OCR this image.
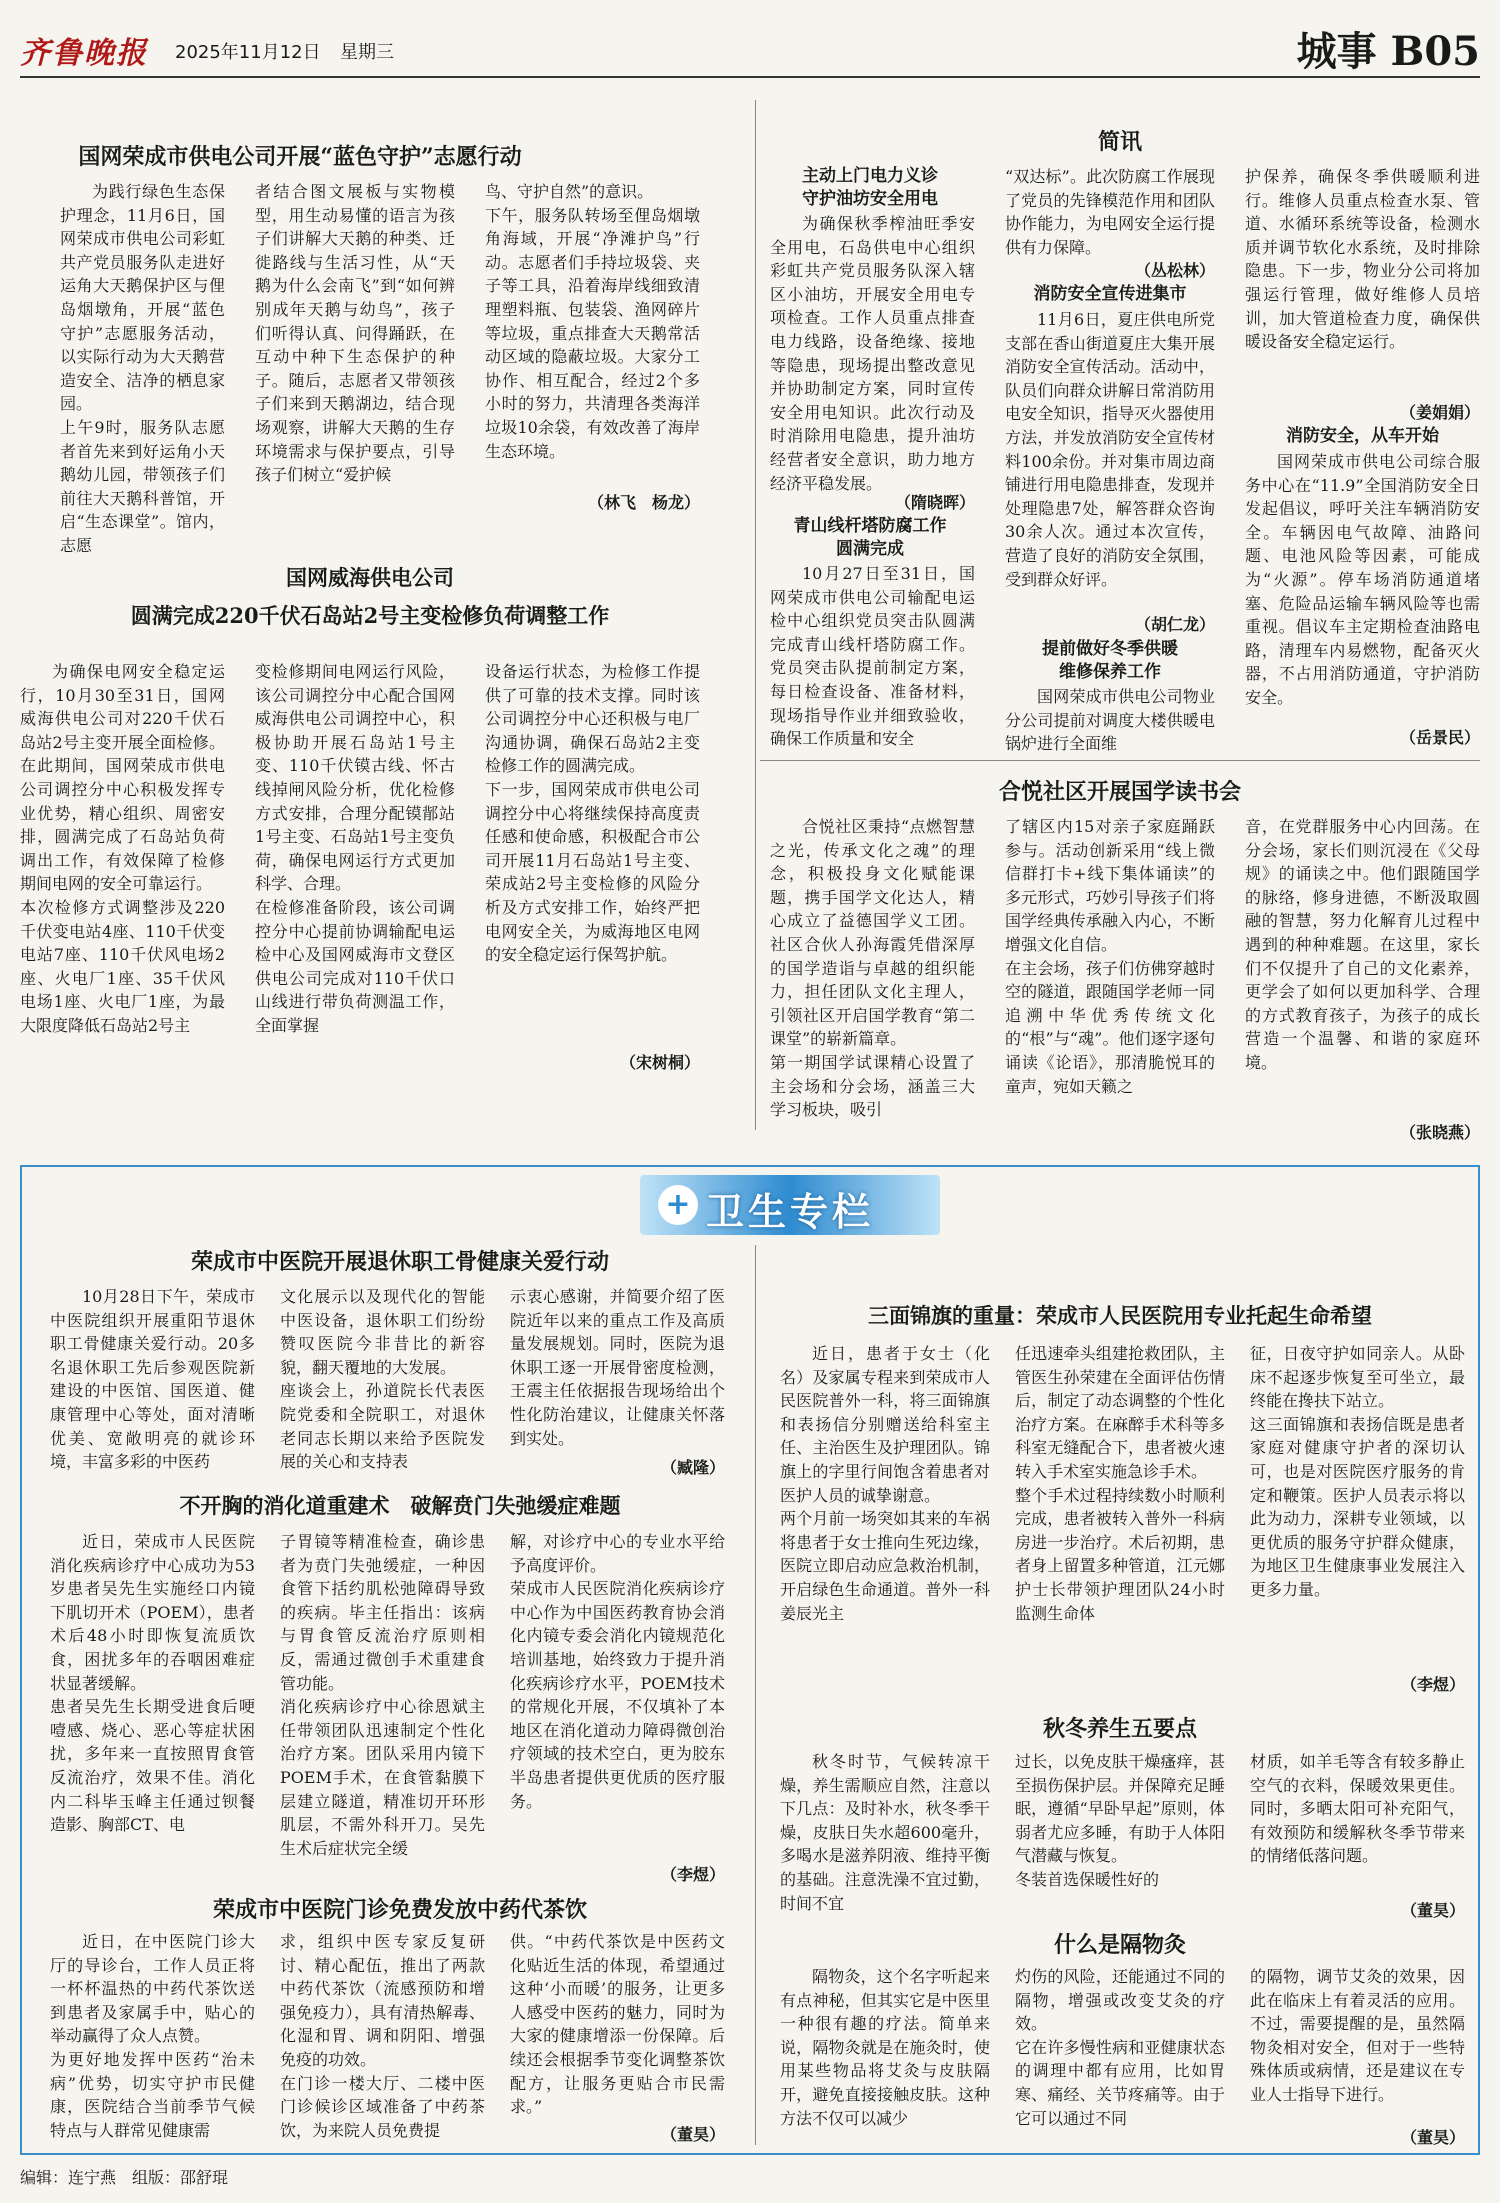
齐鲁晚报 2025年11月12日 星期三	城事 B05
国网荣成市供电公司开展“蓝色守护”志愿行动

为践行绿色生态保护理念，11月6日，国网荣成市供电公司彩虹共产党员服务队走进好运角大天鹅保护区与俚岛烟墩角，开展“蓝色守护”志愿服务活动，以实际行动为大天鹅营造安全、洁净的栖息家园。
上午9时，服务队志愿者首先来到好运角小天鹅幼儿园，带领孩子们前往大天鹅科普馆，开启“生态课堂”。馆内，志愿

者结合图文展板与实物模型，用生动易懂的语言为孩子们讲解大天鹅的种类、迁徙路线与生活习性，从“天鹅为什么会南飞”到“如何辨别成年天鹅与幼鸟”，孩子们听得认真、问得踊跃，在互动中种下生态保护的种子。随后，志愿者又带领孩子们来到天鹅湖边，结合现场观察，讲解大天鹅的生存环境需求与保护要点，引导孩子们树立“爱护候

鸟、守护自然”的意识。
下午，服务队转场至俚岛烟墩角海域，开展“净滩护鸟”行动。志愿者们手持垃圾袋、夹子等工具，沿着海岸线细致清理塑料瓶、包装袋、渔网碎片等垃圾，重点排查大天鹅常活动区域的隐蔽垃圾。大家分工协作、相互配合，经过2个多小时的努力，共清理各类海洋垃圾10余袋，有效改善了海岸生态环境。

（林飞　杨龙）
国网威海供电公司
圆满完成220千伏石岛站2号主变检修负荷调整工作

为确保电网安全稳定运行，10月30至31日，国网威海供电公司对220千伏石岛站2号主变开展全面检修。在此期间，国网荣成市供电公司调控分中心积极发挥专业优势，精心组织、周密安排，圆满完成了石岛站负荷调出工作，有效保障了检修期间电网的安全可靠运行。
本次检修方式调整涉及220千伏变电站4座、110千伏变电站7座、110千伏风电场2座、火电厂1座、35千伏风电场1座、火电厂1座，为最大限度降低石岛站2号主

变检修期间电网运行风险，该公司调控分中心配合国网威海供电公司调控中心，积极协助开展石岛站1号主变、110千伏镆古线、怀古线掉闸风险分析，优化检修方式安排，合理分配镆鄁站1号主变、石岛站1号主变负荷，确保电网运行方式更加科学、合理。
在检修准备阶段，该公司调控分中心提前协调输配电运检中心及国网威海市文登区供电公司完成对110千伏口山线进行带负荷测温工作，全面掌握

设备运行状态，为检修工作提供了可靠的技术支撑。同时该公司调控分中心还积极与电厂沟通协调，确保石岛站2主变检修工作的圆满完成。
下一步，国网荣成市供电公司调控分中心将继续保持高度责任感和使命感，积极配合市公司开展11月石岛站1号主变、荣成站2号主变检修的风险分析及方式安排工作，始终严把电网安全关，为威海地区电网的安全稳定运行保驾护航。

（宋树桐）
简讯
主动上门电力义诊
守护油坊安全用电

为确保秋季榨油旺季安全用电，石岛供电中心组织彩虹共产党员服务队深入辖区小油坊，开展安全用电专项检查。工作人员重点排查电力线路，设备绝缘、接地等隐患，现场提出整改意见并协助制定方案，同时宣传安全用电知识。此次行动及时消除用电隐患，提升油坊经营者安全意识，助力地方经济平稳发展。

（隋晓晖）
青山线杆塔防腐工作
圆满完成

10月27日至31日，国网荣成市供电公司输配电运检中心组织党员突击队圆满完成青山线杆塔防腐工作。党员突击队提前制定方案，每日检查设备、准备材料，现场指导作业并细致验收，确保工作质量和安全

“双达标”。此次防腐工作展现了党员的先锋模范作用和团队协作能力，为电网安全运行提供有力保障。

（丛松林）
消防安全宣传进集市

11月6日，夏庄供电所党支部在香山街道夏庄大集开展消防安全宣传活动。活动中，队员们向群众讲解日常消防用电安全知识，指导灭火器使用方法，并发放消防安全宣传材料100余份。并对集市周边商铺进行用电隐患排查，发现并处理隐患7处，解答群众咨询30余人次。通过本次宣传，营造了良好的消防安全氛围，受到群众好评。

（胡仁龙）
提前做好冬季供暖
维修保养工作

国网荣成市供电公司物业分公司提前对调度大楼供暖电锅炉进行全面维

护保养，确保冬季供暖顺利进行。维修人员重点检查水泵、管道、水循环系统等设备，检测水质并调节软化水系统，及时排除隐患。下一步，物业分公司将加强运行管理，做好维修人员培训，加大管道检查力度，确保供暖设备安全稳定运行。

（姜娟娟）
消防安全，从车开始

国网荣成市供电公司综合服务中心在“11.9”全国消防安全日发起倡议，呼吁关注车辆消防安全。车辆因电气故障、油路问题、电池风险等因素，可能成为“火源”。停车场消防通道堵塞、危险品运输车辆风险等也需重视。倡议车主定期检查油路电路，清理车内易燃物，配备灭火器，不占用消防通道，守护消防安全。

（岳景民）
合悦社区开展国学读书会

合悦社区秉持“点燃智慧之光，传承文化之魂”的理念，积极投身文化赋能课题，携手国学文化达人，精心成立了益德国学义工团。社区合伙人孙海霞凭借深厚的国学造诣与卓越的组织能力，担任团队文化主理人，引领社区开启国学教育“第二课堂”的崭新篇章。
第一期国学试课精心设置了主会场和分会场，涵盖三大学习板块，吸引

了辖区内15对亲子家庭踊跃参与。活动创新采用“线上微信群打卡+线下集体诵读”的多元形式，巧妙引导孩子们将国学经典传承融入内心，不断增强文化自信。
在主会场，孩子们仿佛穿越时空的隧道，跟随国学老师一同追溯中华优秀传统文化的“根”与“魂”。他们逐字逐句诵读《论语》，那清脆悦耳的童声，宛如天籁之

音，在党群服务中心内回荡。在分会场，家长们则沉浸在《父母规》的诵读之中。他们跟随国学的脉络，修身进德，不断汲取圆融的智慧，努力化解育儿过程中遇到的种种难题。在这里，家长们不仅提升了自己的文化素养，更学会了如何以更加科学、合理的方式教育孩子，为孩子的成长营造一个温馨、和谐的家庭环境。

（张晓燕）
+ 卫生专栏
荣成市中医院开展退休职工骨健康关爱行动

10月28日下午，荣成市中医院组织开展重阳节退休职工骨健康关爱行动。20多名退休职工先后参观医院新建设的中医馆、国医道、健康管理中心等处，面对清晰优美、宽敞明亮的就诊环境，丰富多彩的中医药

文化展示以及现代化的智能中医设备，退休职工们纷纷赞叹医院今非昔比的新容貌，翻天覆地的大发展。
座谈会上，孙道院长代表医院党委和全院职工，对退休老同志长期以来给予医院发展的关心和支持表

示衷心感谢，并简要介绍了医院近年以来的重点工作及高质量发展规划。同时，医院为退休职工逐一开展骨密度检测，王震主任依据报告现场给出个性化防治建议，让健康关怀落到实处。

（臧隆）
不开胸的消化道重建术　破解贲门失弛缓症难题

近日，荣成市人民医院消化疾病诊疗中心成功为53岁患者吴先生实施经口内镜下肌切开术（POEM），患者术后48小时即恢复流质饮食，困扰多年的吞咽困难症状显著缓解。
患者吴先生长期受进食后哽噎感、烧心、恶心等症状困扰，多年来一直按照胃食管反流治疗，效果不佳。消化内二科毕玉峰主任通过钡餐造影、胸部CT、电

子胃镜等精准检查，确诊患者为贲门失弛缓症，一种因食管下括约肌松弛障碍导致的疾病。毕主任指出：该病与胃食管反流治疗原则相反，需通过微创手术重建食管功能。
消化疾病诊疗中心徐恩斌主任带领团队迅速制定个性化治疗方案。团队采用内镜下POEM手术，在食管黏膜下层建立隧道，精准切开环形肌层，不需外科开刀。吴先生术后症状完全缓

解，对诊疗中心的专业水平给予高度评价。
荣成市人民医院消化疾病诊疗中心作为中国医药教育协会消化内镜专委会消化内镜规范化培训基地，始终致力于提升消化疾病诊疗水平，POEM技术的常规化开展，不仅填补了本地区在消化道动力障碍微创治疗领域的技术空白，更为胶东半岛患者提供更优质的医疗服务。

（李煜）
荣成市中医院门诊免费发放中药代茶饮

近日，在中医院门诊大厅的导诊台，工作人员正将一杯杯温热的中药代茶饮送到患者及家属手中，贴心的举动赢得了众人点赞。
为更好地发挥中医药“治未病”优势，切实守护市民健康，医院结合当前季节气候特点与人群常见健康需

求，组织中医专家反复研讨、精心配伍，推出了两款中药代茶饮（流感预防和增强免疫力），具有清热解毒、化湿和胃、调和阴阳、增强免疫的功效。
在门诊一楼大厅、二楼中医门诊候诊区域准备了中药茶饮，为来院人员免费提

供。“中药代茶饮是中医药文化贴近生活的体现，希望通过这种‘小而暖’的服务，让更多人感受中医药的魅力，同时为大家的健康增添一份保障。后续还会根据季节变化调整茶饮配方，让服务更贴合市民需求。”

（董昊）
三面锦旗的重量：荣成市人民医院用专业托起生命希望

近日，患者于女士（化名）及家属专程来到荣成市人民医院普外一科，将三面锦旗和表扬信分别赠送给科室主任、主治医生及护理团队。锦旗上的字里行间饱含着患者对医护人员的诚挚谢意。
两个月前一场突如其来的车祸将患者于女士推向生死边缘，医院立即启动应急救治机制，开启绿色生命通道。普外一科姜辰光主

任迅速牵头组建抢救团队，主管医生孙荣建在全面评估伤情后，制定了动态调整的个性化治疗方案。在麻醉手术科等多科室无缝配合下，患者被火速转入手术室实施急诊手术。
整个手术过程持续数小时顺利完成，患者被转入普外一科病房进一步治疗。术后初期，患者身上留置多种管道，江元娜护士长带领护理团队24小时监测生命体

征，日夜守护如同亲人。从卧床不起逐步恢复至可坐立，最终能在搀扶下站立。
这三面锦旗和表扬信既是患者家庭对健康守护者的深切认可，也是对医院医疗服务的肯定和鞭策。医护人员表示将以此为动力，深耕专业领域，以更优质的服务守护群众健康，为地区卫生健康事业发展注入更多力量。

（李煜）
秋冬养生五要点

秋冬时节，气候转凉干燥，养生需顺应自然，注意以下几点：及时补水，秋冬季干燥，皮肤日失水超600毫升，多喝水是滋养阴液、维持平衡的基础。注意洗澡不宜过勤，时间不宜

过长，以免皮肤干燥瘙痒，甚至损伤保护层。并保障充足睡眠，遵循“早卧早起”原则，体弱者尤应多睡，有助于人体阳气潜藏与恢复。
冬装首选保暖性好的

材质，如羊毛等含有较多静止空气的衣料，保暖效果更佳。同时，多晒太阳可补充阳气，有效预防和缓解秋冬季节带来的情绪低落问题。

（董昊）
什么是隔物灸

隔物灸，这个名字听起来有点神秘，但其实它是中医里一种很有趣的疗法。简单来说，隔物灸就是在施灸时，使用某些物品将艾灸与皮肤隔开，避免直接接触皮肤。这种方法不仅可以减少

灼伤的风险，还能通过不同的隔物，增强或改变艾灸的疗效。
它在许多慢性病和亚健康状态的调理中都有应用，比如胃寒、痛经、关节疼痛等。由于它可以通过不同

的隔物，调节艾灸的效果，因此在临床上有着灵活的应用。不过，需要提醒的是，虽然隔物灸相对安全，但对于一些特殊体质或病情，还是建议在专业人士指导下进行。

（董昊）
编辑：连宁燕　组版：邵舒琨
